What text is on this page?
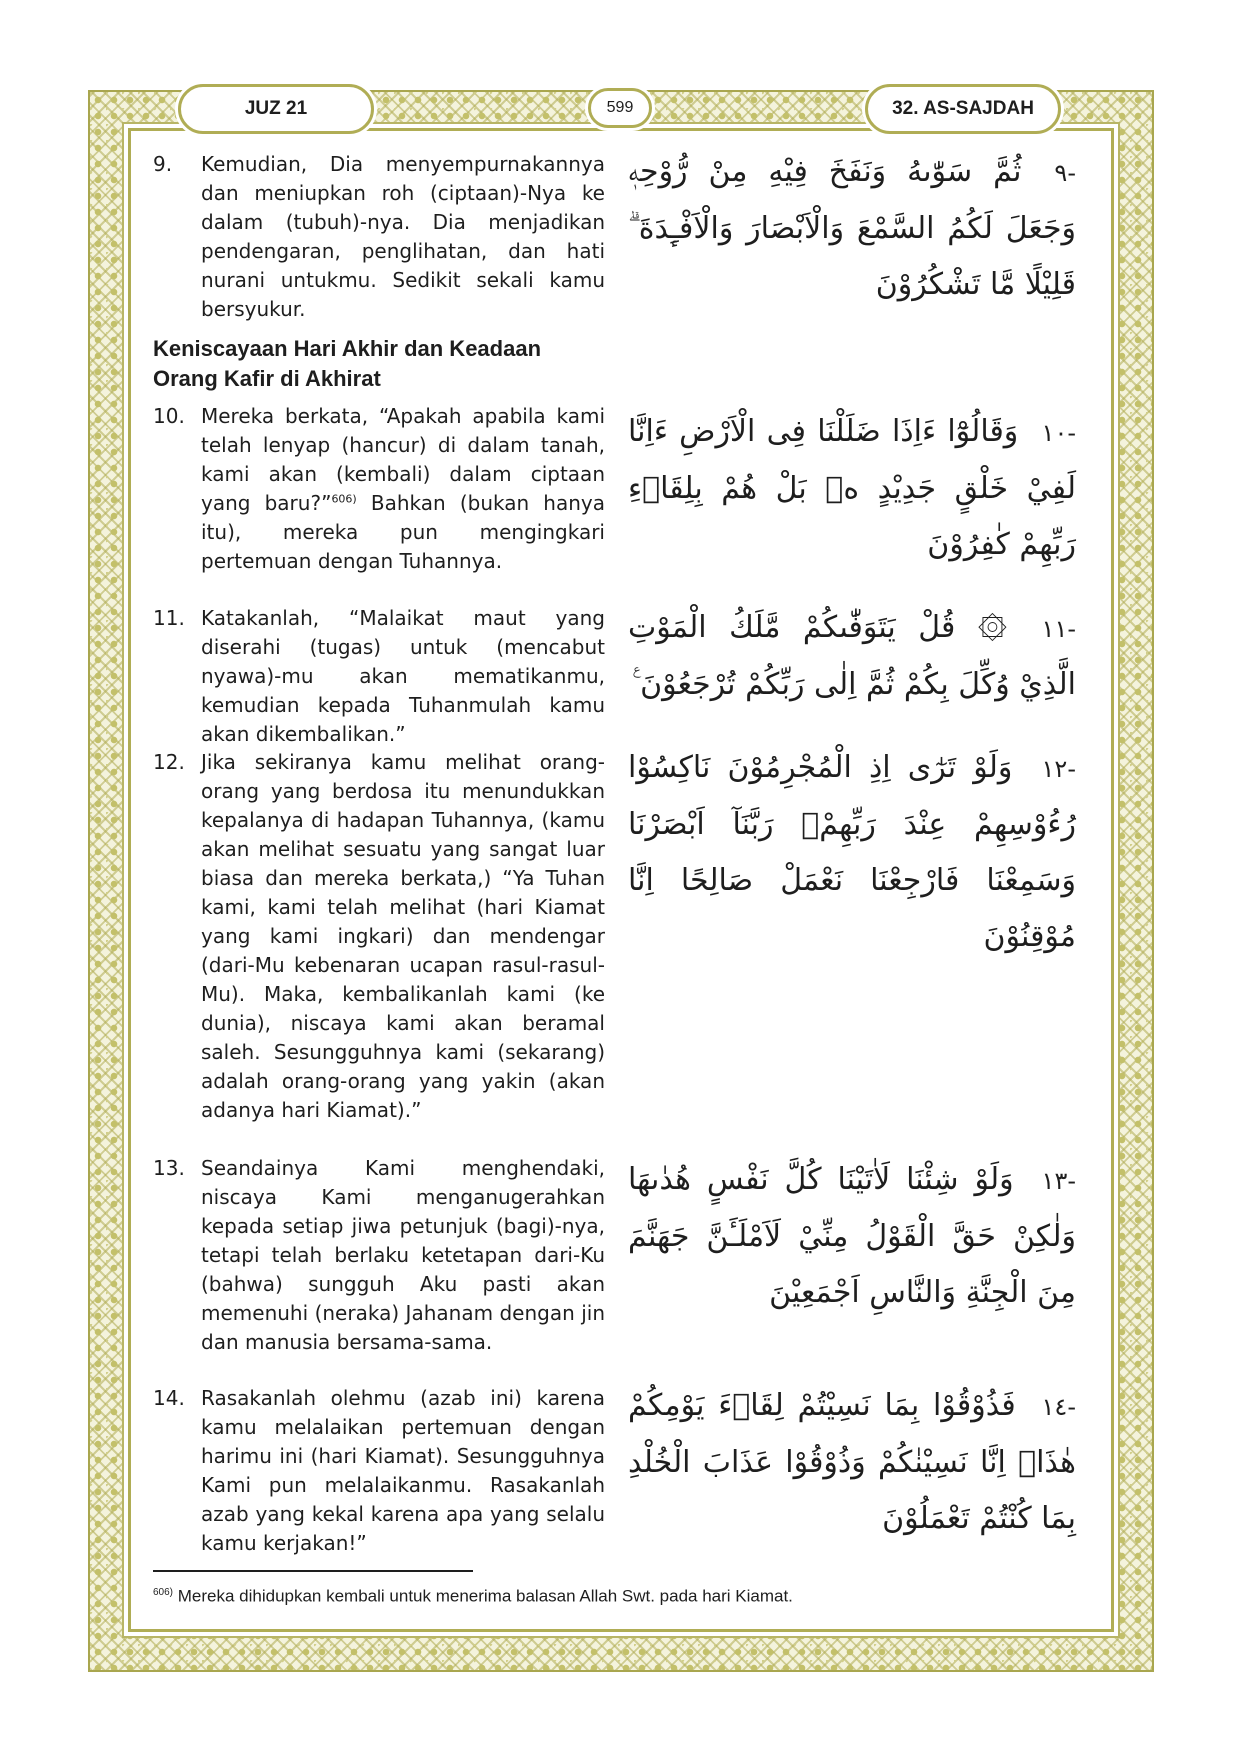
JUZ 21	599	32. AS-SAJDAH
9. Kemudian, Dia menyempurnakannya dan meniupkan roh (ciptaan)-Nya ke dalam (tubuh)-nya. Dia menjadikan pendengaran, penglihatan, dan hati nurani untukmu. Sedikit sekali kamu bersyukur.
-٩ ثُمَّ سَوّٰىهُ وَنَفَخَ فِيْهِ مِنْ رُّوْحِهٖ وَجَعَلَ لَكُمُ السَّمْعَ وَالْاَبْصَارَ وَالْاَفْـِٕدَةَ ۗ قَلِيْلًا مَّا تَشْكُرُوْنَ
Keniscayaan Hari Akhir dan Keadaan Orang Kafir di Akhirat
10. Mereka berkata, “Apakah apabila kami telah lenyap (hancur) di dalam tanah, kami akan (kembali) dalam ciptaan yang baru?”$^{606)}$ Bahkan (bukan hanya itu), mereka pun mengingkari pertemuan dengan Tuhannya.
-١٠ وَقَالُوْٓا ءَاِذَا ضَلَلْنَا فِى الْاَرْضِ ءَاِنَّا لَفِيْ خَلْقٍ جَدِيْدٍ ەۗ بَلْ هُمْ بِلِقَاۤءِ رَبِّهِمْ كٰفِرُوْنَ
11. Katakanlah, “Malaikat maut yang diserahi (tugas) untuk (mencabut nyawa)-mu akan mematikanmu, kemudian kepada Tuhanmulah kamu akan dikembalikan.”
-١١ ۞ قُلْ يَتَوَفّٰىكُمْ مَّلَكُ الْمَوْتِ الَّذِيْ وُكِّلَ بِكُمْ ثُمَّ اِلٰى رَبِّكُمْ تُرْجَعُوْنَ ࣖ
12. Jika sekiranya kamu melihat orang-orang yang berdosa itu menundukkan kepalanya di hadapan Tuhannya, (kamu akan melihat sesuatu yang sangat luar biasa dan mereka berkata,) “Ya Tuhan kami, kami telah melihat (hari Kiamat yang kami ingkari) dan mendengar (dari-Mu kebenaran ucapan rasul-rasul-Mu). Maka, kembalikanlah kami (ke dunia), niscaya kami akan beramal saleh. Sesungguhnya kami (sekarang) adalah orang-orang yang yakin (akan adanya hari Kiamat).”
-١٢ وَلَوْ تَرٰٓى اِذِ الْمُجْرِمُوْنَ نَاكِسُوْا رُءُوْسِهِمْ عِنْدَ رَبِّهِمْۗ رَبَّنَآ اَبْصَرْنَا وَسَمِعْنَا فَارْجِعْنَا نَعْمَلْ صَالِحًا اِنَّا مُوْقِنُوْنَ
13. Seandainya Kami menghendaki, niscaya Kami menganugerahkan kepada setiap jiwa petunjuk (bagi)-nya, tetapi telah berlaku ketetapan dari-Ku (bahwa) sungguh Aku pasti akan memenuhi (neraka) Jahanam dengan jin dan manusia bersama-sama.
-١٣ وَلَوْ شِئْنَا لَاٰتَيْنَا كُلَّ نَفْسٍ هُدٰىهَا وَلٰكِنْ حَقَّ الْقَوْلُ مِنِّيْ لَاَمْلَـَٔنَّ جَهَنَّمَ مِنَ الْجِنَّةِ وَالنَّاسِ اَجْمَعِيْنَ
14. Rasakanlah olehmu (azab ini) karena kamu melalaikan pertemuan dengan harimu ini (hari Kiamat). Sesungguhnya Kami pun melalaikanmu. Rasakanlah azab yang kekal karena apa yang selalu kamu kerjakan!”
-١٤ فَذُوْقُوْا بِمَا نَسِيْتُمْ لِقَاۤءَ يَوْمِكُمْ هٰذَاۚ اِنَّا نَسِيْنٰكُمْ وَذُوْقُوْا عَذَابَ الْخُلْدِ بِمَا كُنْتُمْ تَعْمَلُوْنَ
$^{606)}$ Mereka dihidupkan kembali untuk menerima balasan Allah Swt. pada hari Kiamat.
